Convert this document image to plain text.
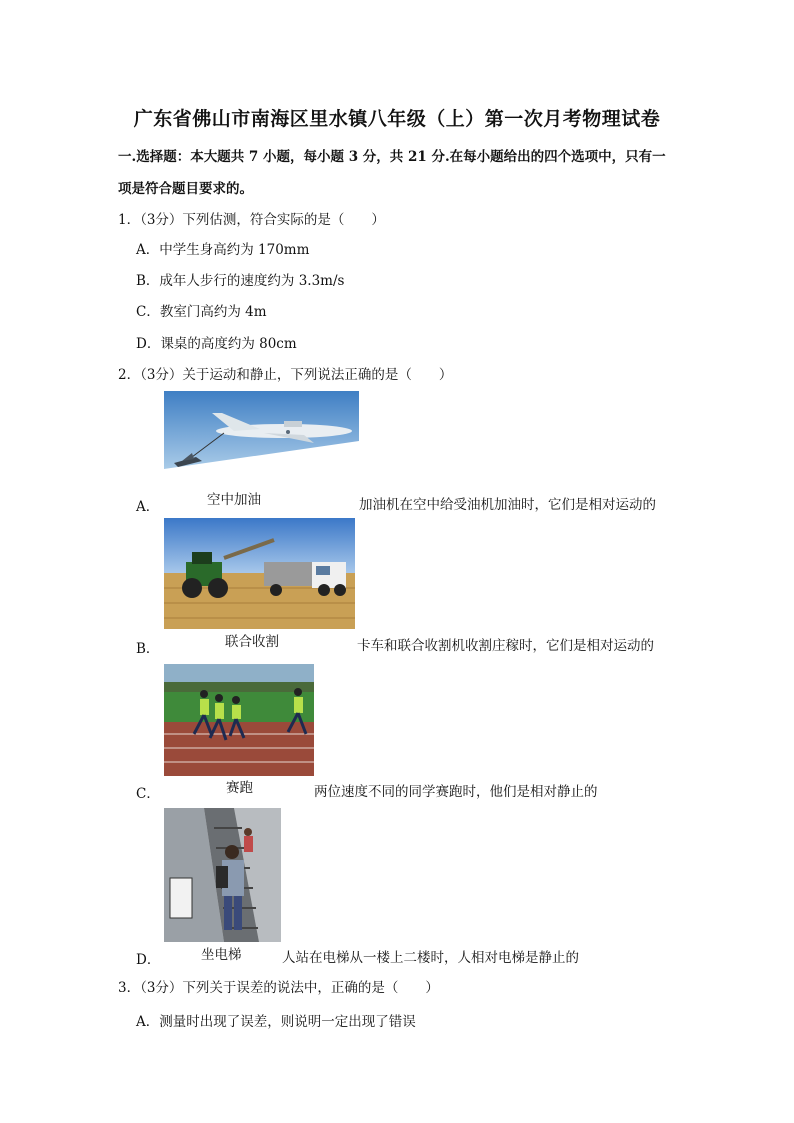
广东省佛山市南海区里水镇八年级（上）第一次月考物理试卷
一.选择题：本大题共 7 小题，每小题 3 分，共 21 分.在每小题给出的四个选项中，只有一
项是符合题目要求的。
1．（3分）下列估测，符合实际的是（　　）
A．中学生身高约为 170mm
B．成年人步行的速度约为 3.3m/s
C．教室门高约为 4m
D．课桌的高度约为 80cm
2．（3分）关于运动和静止，下列说法正确的是（　　）
A．	空中加油	加油机在空中给受油机加油时，它们是相对运动的
B．	联合收割	卡车和联合收割机收割庄稼时，它们是相对运动的
C．	赛跑	两位速度不同的同学赛跑时，他们是相对静止的
D．	坐电梯	人站在电梯从一楼上二楼时，人相对电梯是静止的
3．（3分）下列关于误差的说法中，正确的是（　　）
A．测量时出现了误差，则说明一定出现了错误
